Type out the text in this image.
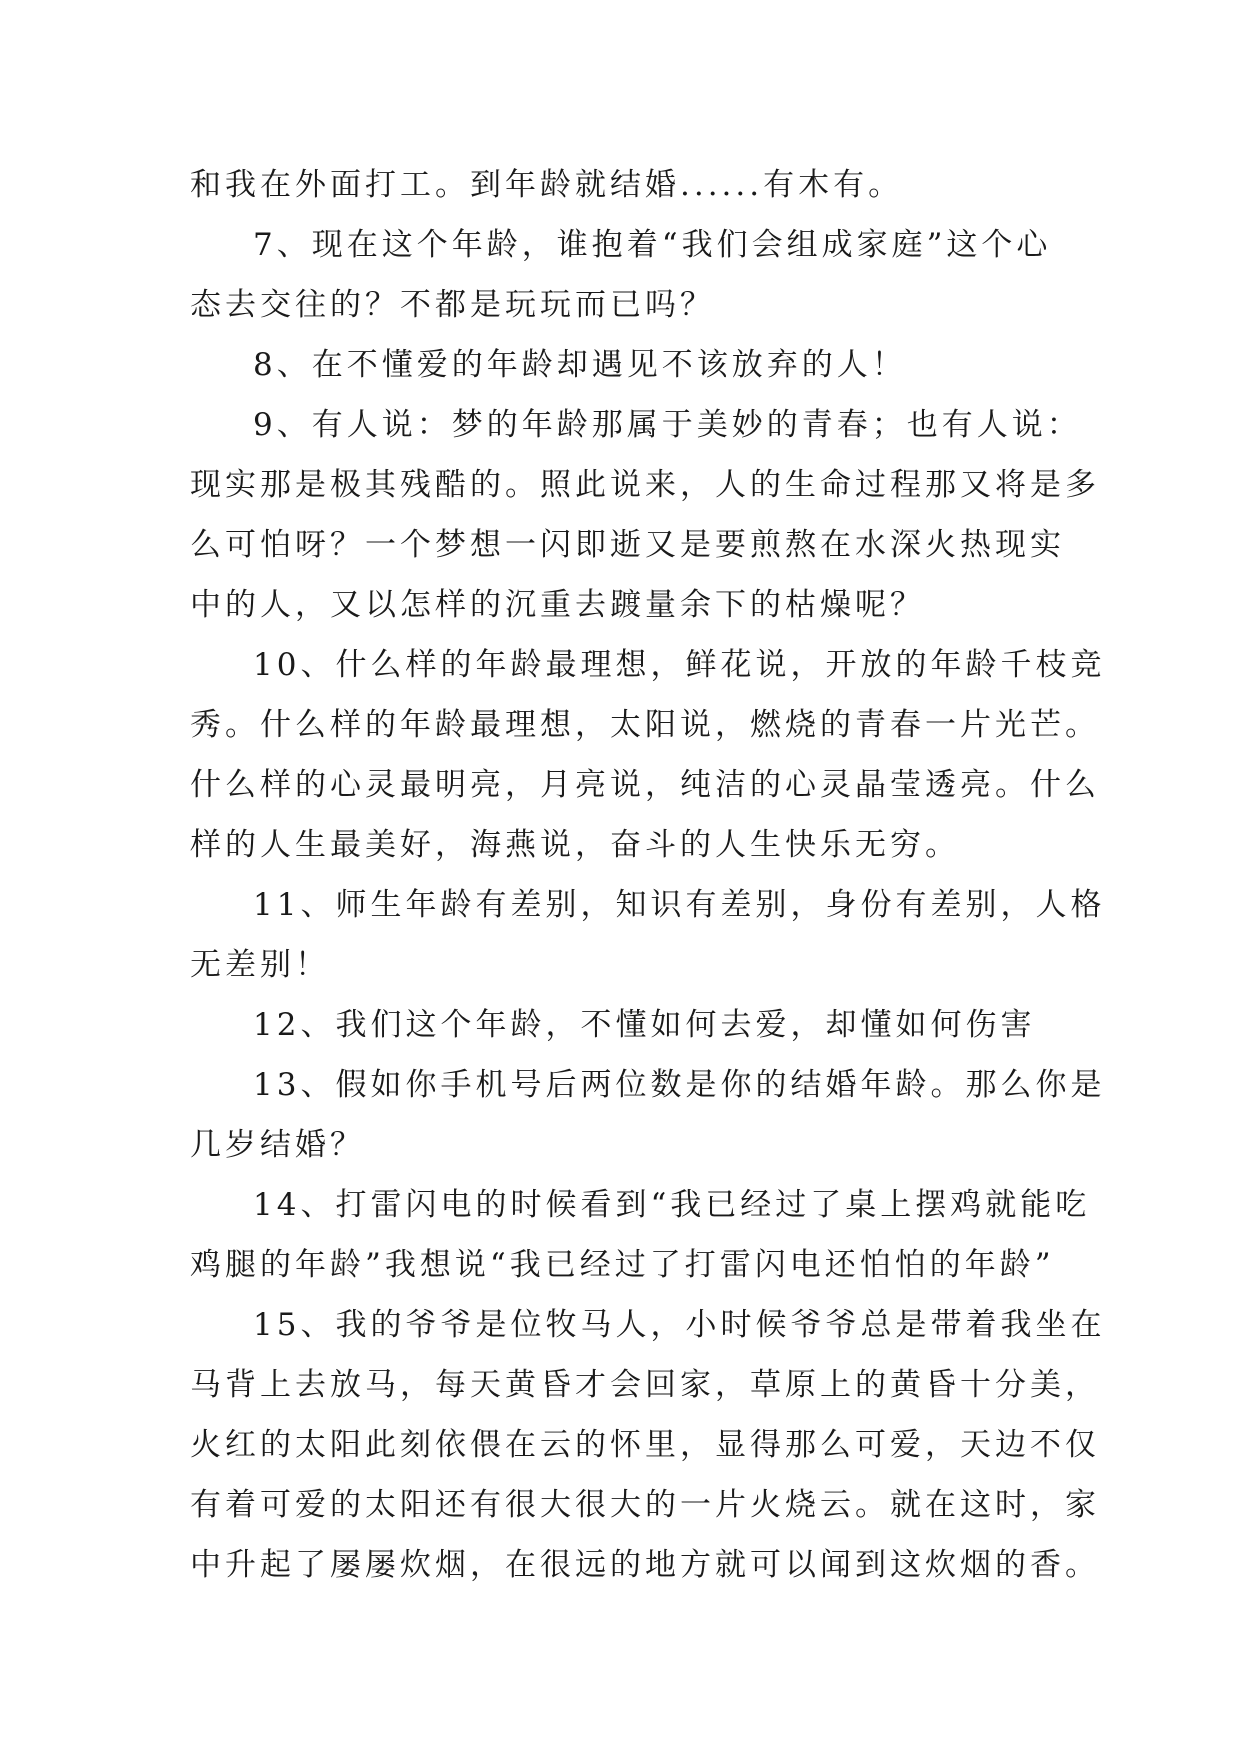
和我在外面打工。到年龄就结婚......有木有。
7、现在这个年龄，谁抱着“我们会组成家庭”这个心
态去交往的？不都是玩玩而已吗？
8、在不懂爱的年龄却遇见不该放弃的人！
9、有人说：梦的年龄那属于美妙的青春；也有人说：
现实那是极其残酷的。照此说来，人的生命过程那又将是多
么可怕呀？一个梦想一闪即逝又是要煎熬在水深火热现实
中的人，又以怎样的沉重去踱量余下的枯燥呢？
10、什么样的年龄最理想，鲜花说，开放的年龄千枝竞
秀。什么样的年龄最理想，太阳说，燃烧的青春一片光芒。
什么样的心灵最明亮，月亮说，纯洁的心灵晶莹透亮。什么
样的人生最美好，海燕说，奋斗的人生快乐无穷。
11、师生年龄有差别，知识有差别，身份有差别，人格
无差别！
12、我们这个年龄，不懂如何去爱，却懂如何伤害
13、假如你手机号后两位数是你的结婚年龄。那么你是
几岁结婚？
14、打雷闪电的时候看到“我已经过了桌上摆鸡就能吃
鸡腿的年龄”我想说“我已经过了打雷闪电还怕怕的年龄”
15、我的爷爷是位牧马人，小时候爷爷总是带着我坐在
马背上去放马，每天黄昏才会回家，草原上的黄昏十分美，
火红的太阳此刻依偎在云的怀里，显得那么可爱，天边不仅
有着可爱的太阳还有很大很大的一片火烧云。就在这时，家
中升起了屡屡炊烟，在很远的地方就可以闻到这炊烟的香。
